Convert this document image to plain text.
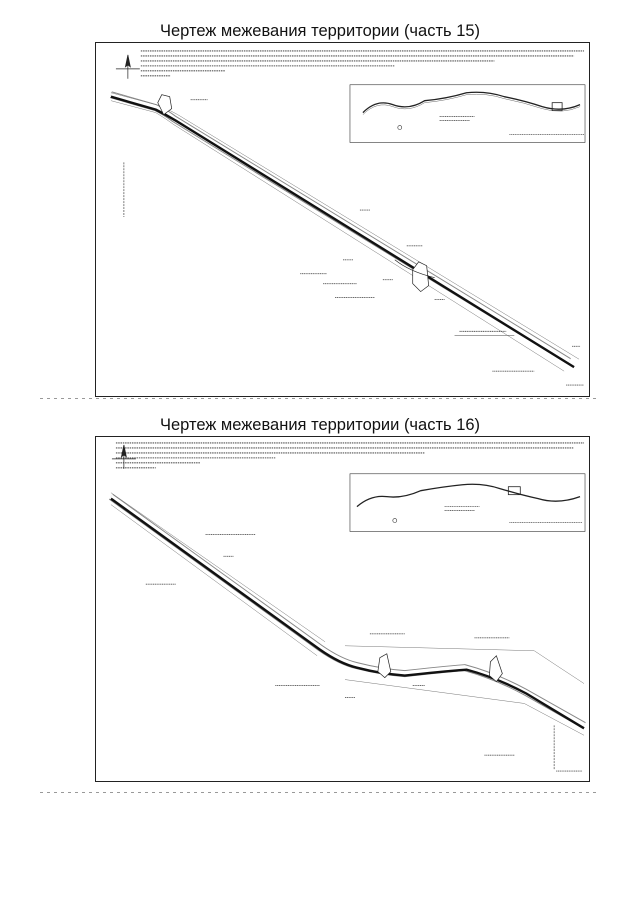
Чертеж межевания территории (часть 15)
Чертеж межевания территории (часть 16)
